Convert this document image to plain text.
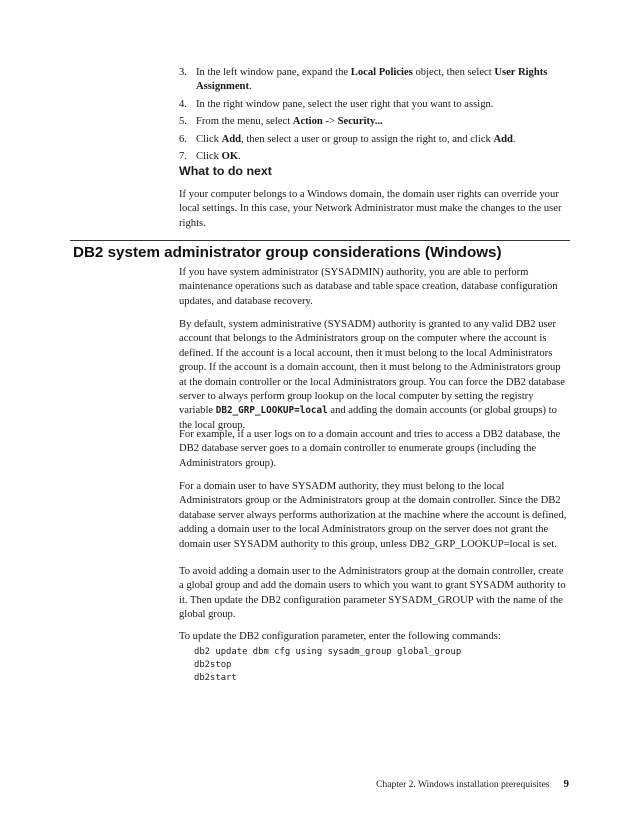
3. In the left window pane, expand the Local Policies object, then select User Rights Assignment.
4. In the right window pane, select the user right that you want to assign.
5. From the menu, select Action -> Security...
6. Click Add, then select a user or group to assign the right to, and click Add.
7. Click OK.
What to do next

If your computer belongs to a Windows domain, the domain user rights can override your local settings. In this case, your Network Administrator must make the changes to the user rights.

DB2 system administrator group considerations (Windows)

If you have system administrator (SYSADMIN) authority, you are able to perform maintenance operations such as database and table space creation, database configuration updates, and database recovery.

By default, system administrative (SYSADM) authority is granted to any valid DB2 user account that belongs to the Administrators group on the computer where the account is defined. If the account is a local account, then it must belong to the local Administrators group. If the account is a domain account, then it must belong to the Administrators group at the domain controller or the local Administrators group. You can force the DB2 database server to always perform group lookup on the local computer by setting the registry variable DB2_GRP_LOOKUP=local and adding the domain accounts (or global groups) to the local group.

For example, if a user logs on to a domain account and tries to access a DB2 database, the DB2 database server goes to a domain controller to enumerate groups (including the Administrators group).

For a domain user to have SYSADM authority, they must belong to the local Administrators group or the Administrators group at the domain controller. Since the DB2 database server always performs authorization at the machine where the account is defined, adding a domain user to the local Administrators group on the server does not grant the domain user SYSADM authority to this group, unless DB2_GRP_LOOKUP=local is set.

To avoid adding a domain user to the Administrators group at the domain controller, create a global group and add the domain users to which you want to grant SYSADM authority to it. Then update the DB2 configuration parameter SYSADM_GROUP with the name of the global group.

To update the DB2 configuration parameter, enter the following commands:

db2 update dbm cfg using sysadm_group global_group
db2stop
db2start
Chapter 2. Windows installation prerequisites 9
